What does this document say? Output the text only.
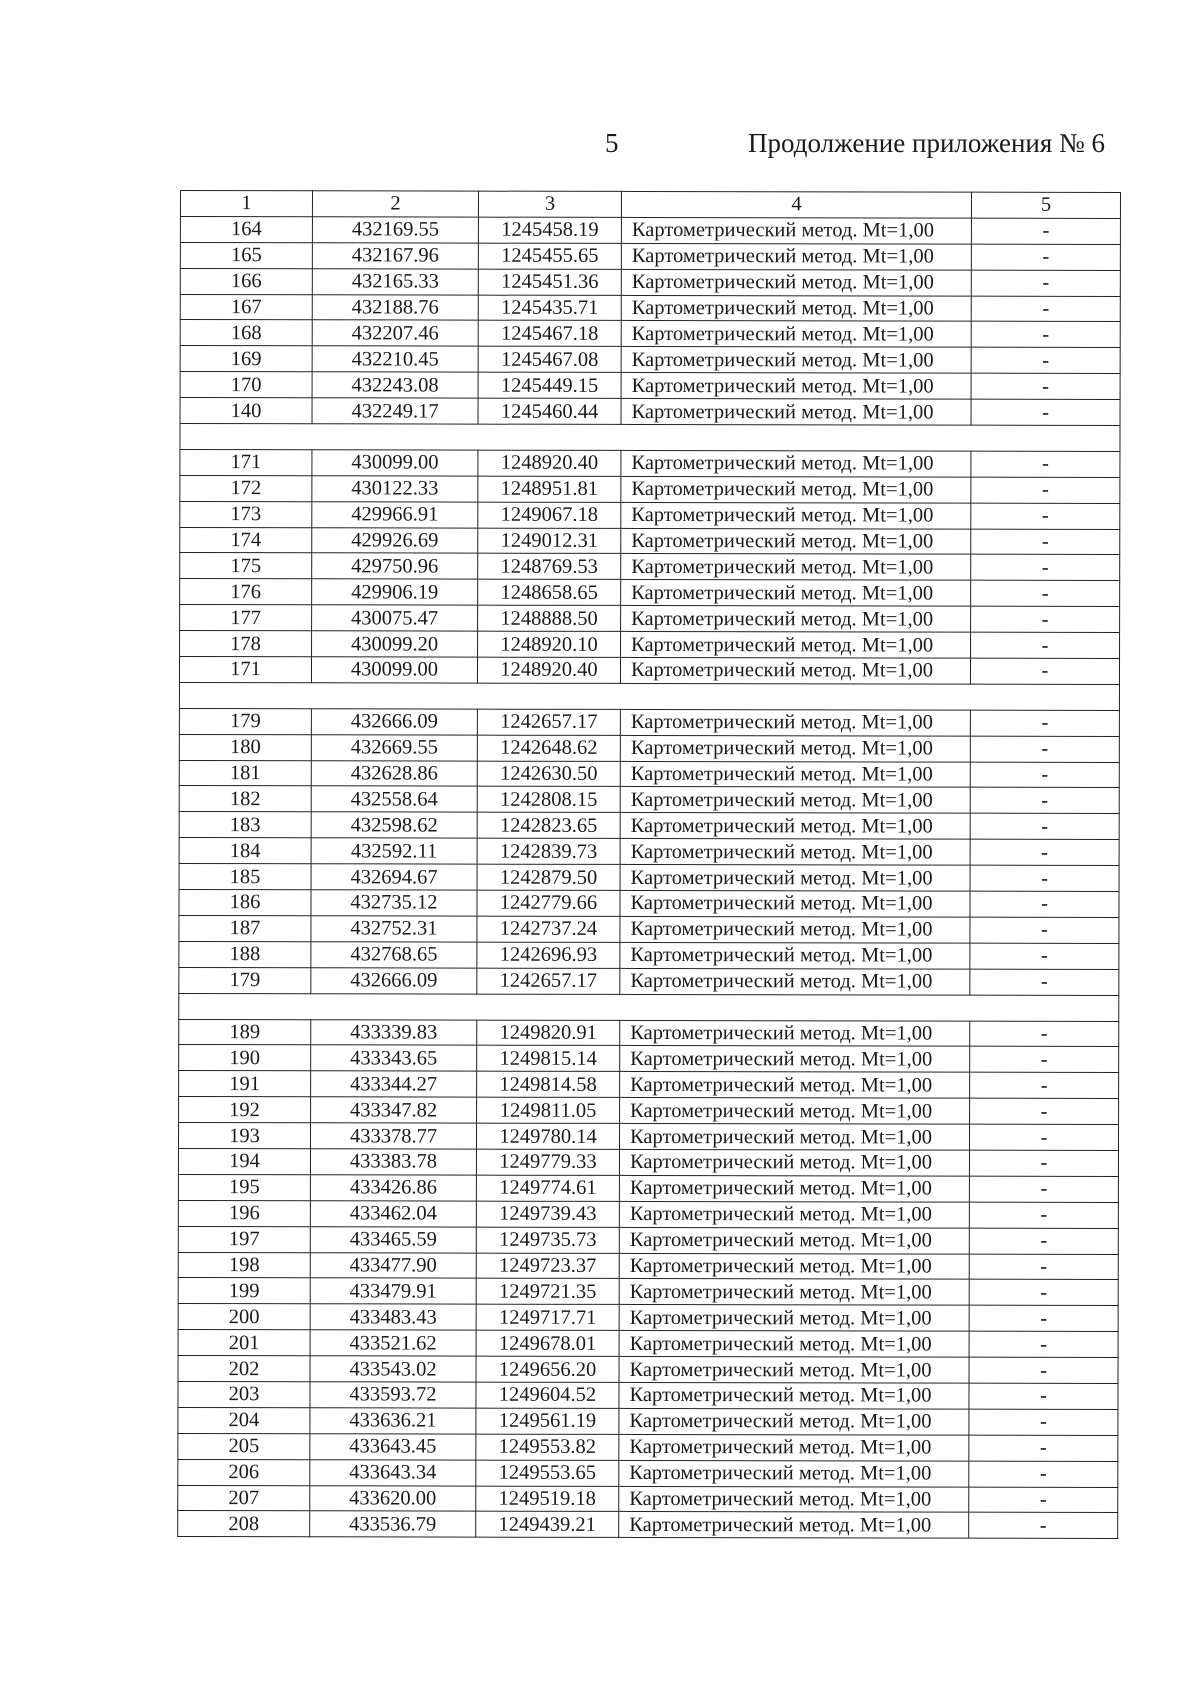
5	Продолжение приложения № 6
1	2	3	4	5
164	432169.55	1245458.19	Картометрический метод. Mt=1,00	-
165	432167.96	1245455.65	Картометрический метод. Mt=1,00	-
166	432165.33	1245451.36	Картометрический метод. Mt=1,00	-
167	432188.76	1245435.71	Картометрический метод. Mt=1,00	-
168	432207.46	1245467.18	Картометрический метод. Mt=1,00	-
169	432210.45	1245467.08	Картометрический метод. Mt=1,00	-
170	432243.08	1245449.15	Картометрический метод. Mt=1,00	-
140	432249.17	1245460.44	Картометрический метод. Mt=1,00	-

171	430099.00	1248920.40	Картометрический метод. Mt=1,00	-
172	430122.33	1248951.81	Картометрический метод. Mt=1,00	-
173	429966.91	1249067.18	Картометрический метод. Mt=1,00	-
174	429926.69	1249012.31	Картометрический метод. Mt=1,00	-
175	429750.96	1248769.53	Картометрический метод. Mt=1,00	-
176	429906.19	1248658.65	Картометрический метод. Mt=1,00	-
177	430075.47	1248888.50	Картометрический метод. Mt=1,00	-
178	430099.20	1248920.10	Картометрический метод. Mt=1,00	-
171	430099.00	1248920.40	Картометрический метод. Mt=1,00	-

179	432666.09	1242657.17	Картометрический метод. Mt=1,00	-
180	432669.55	1242648.62	Картометрический метод. Mt=1,00	-
181	432628.86	1242630.50	Картометрический метод. Mt=1,00	-
182	432558.64	1242808.15	Картометрический метод. Mt=1,00	-
183	432598.62	1242823.65	Картометрический метод. Mt=1,00	-
184	432592.11	1242839.73	Картометрический метод. Mt=1,00	-
185	432694.67	1242879.50	Картометрический метод. Mt=1,00	-
186	432735.12	1242779.66	Картометрический метод. Mt=1,00	-
187	432752.31	1242737.24	Картометрический метод. Mt=1,00	-
188	432768.65	1242696.93	Картометрический метод. Mt=1,00	-
179	432666.09	1242657.17	Картометрический метод. Mt=1,00	-

189	433339.83	1249820.91	Картометрический метод. Mt=1,00	-
190	433343.65	1249815.14	Картометрический метод. Mt=1,00	-
191	433344.27	1249814.58	Картометрический метод. Mt=1,00	-
192	433347.82	1249811.05	Картометрический метод. Mt=1,00	-
193	433378.77	1249780.14	Картометрический метод. Mt=1,00	-
194	433383.78	1249779.33	Картометрический метод. Mt=1,00	-
195	433426.86	1249774.61	Картометрический метод. Mt=1,00	-
196	433462.04	1249739.43	Картометрический метод. Mt=1,00	-
197	433465.59	1249735.73	Картометрический метод. Mt=1,00	-
198	433477.90	1249723.37	Картометрический метод. Mt=1,00	-
199	433479.91	1249721.35	Картометрический метод. Mt=1,00	-
200	433483.43	1249717.71	Картометрический метод. Mt=1,00	-
201	433521.62	1249678.01	Картометрический метод. Mt=1,00	-
202	433543.02	1249656.20	Картометрический метод. Mt=1,00	-
203	433593.72	1249604.52	Картометрический метод. Mt=1,00	-
204	433636.21	1249561.19	Картометрический метод. Mt=1,00	-
205	433643.45	1249553.82	Картометрический метод. Mt=1,00	-
206	433643.34	1249553.65	Картометрический метод. Mt=1,00	-
207	433620.00	1249519.18	Картометрический метод. Mt=1,00	-
208	433536.79	1249439.21	Картометрический метод. Mt=1,00	-
